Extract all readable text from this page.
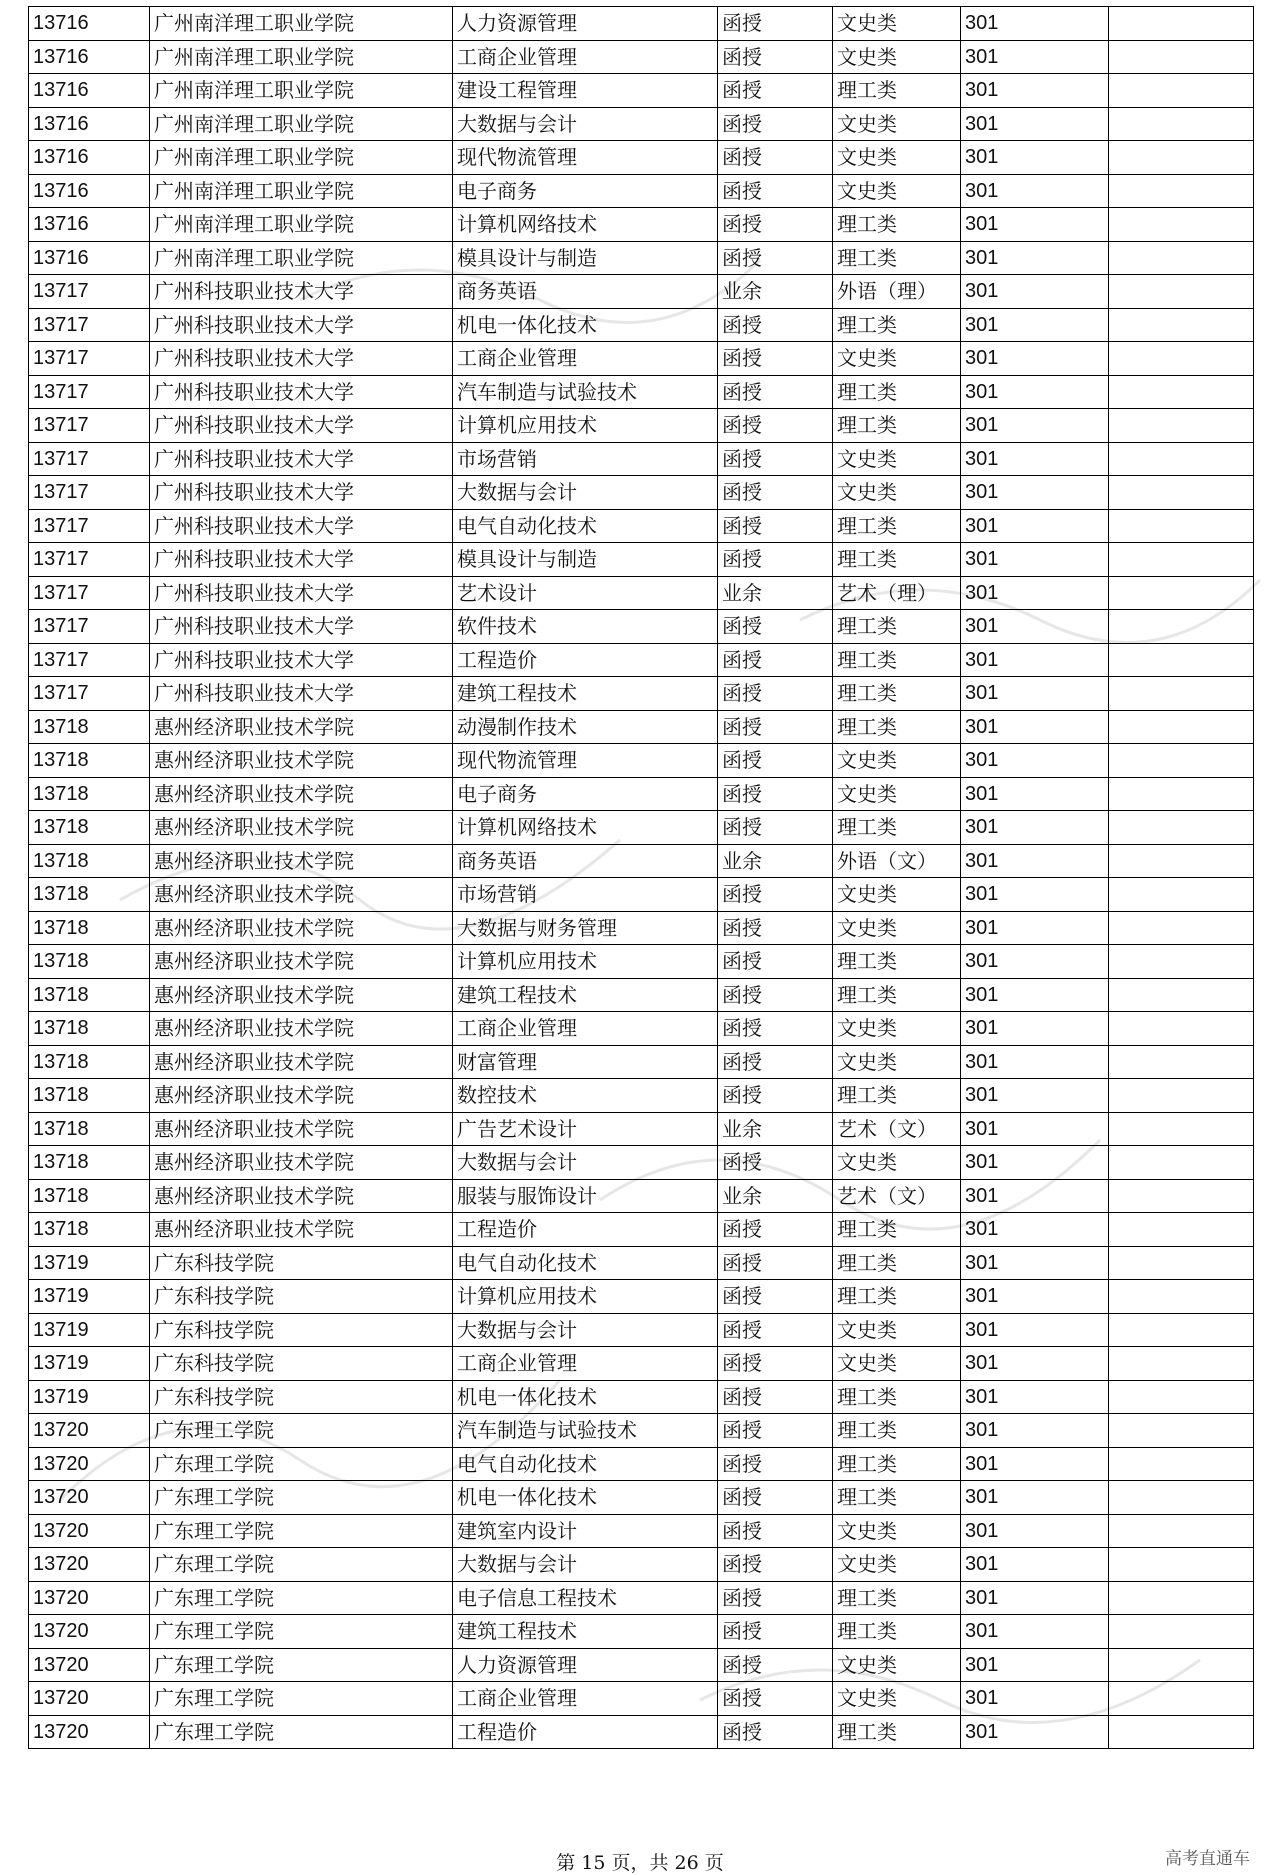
13716	广州南洋理工职业学院	人力资源管理	函授	文史类	301	
13716	广州南洋理工职业学院	工商企业管理	函授	文史类	301	
13716	广州南洋理工职业学院	建设工程管理	函授	理工类	301	
13716	广州南洋理工职业学院	大数据与会计	函授	文史类	301	
13716	广州南洋理工职业学院	现代物流管理	函授	文史类	301	
13716	广州南洋理工职业学院	电子商务	函授	文史类	301	
13716	广州南洋理工职业学院	计算机网络技术	函授	理工类	301	
13716	广州南洋理工职业学院	模具设计与制造	函授	理工类	301	
13717	广州科技职业技术大学	商务英语	业余	外语（理）	301	
13717	广州科技职业技术大学	机电一体化技术	函授	理工类	301	
13717	广州科技职业技术大学	工商企业管理	函授	文史类	301	
13717	广州科技职业技术大学	汽车制造与试验技术	函授	理工类	301	
13717	广州科技职业技术大学	计算机应用技术	函授	理工类	301	
13717	广州科技职业技术大学	市场营销	函授	文史类	301	
13717	广州科技职业技术大学	大数据与会计	函授	文史类	301	
13717	广州科技职业技术大学	电气自动化技术	函授	理工类	301	
13717	广州科技职业技术大学	模具设计与制造	函授	理工类	301	
13717	广州科技职业技术大学	艺术设计	业余	艺术（理）	301	
13717	广州科技职业技术大学	软件技术	函授	理工类	301	
13717	广州科技职业技术大学	工程造价	函授	理工类	301	
13717	广州科技职业技术大学	建筑工程技术	函授	理工类	301	
13718	惠州经济职业技术学院	动漫制作技术	函授	理工类	301	
13718	惠州经济职业技术学院	现代物流管理	函授	文史类	301	
13718	惠州经济职业技术学院	电子商务	函授	文史类	301	
13718	惠州经济职业技术学院	计算机网络技术	函授	理工类	301	
13718	惠州经济职业技术学院	商务英语	业余	外语（文）	301	
13718	惠州经济职业技术学院	市场营销	函授	文史类	301	
13718	惠州经济职业技术学院	大数据与财务管理	函授	文史类	301	
13718	惠州经济职业技术学院	计算机应用技术	函授	理工类	301	
13718	惠州经济职业技术学院	建筑工程技术	函授	理工类	301	
13718	惠州经济职业技术学院	工商企业管理	函授	文史类	301	
13718	惠州经济职业技术学院	财富管理	函授	文史类	301	
13718	惠州经济职业技术学院	数控技术	函授	理工类	301	
13718	惠州经济职业技术学院	广告艺术设计	业余	艺术（文）	301	
13718	惠州经济职业技术学院	大数据与会计	函授	文史类	301	
13718	惠州经济职业技术学院	服装与服饰设计	业余	艺术（文）	301	
13718	惠州经济职业技术学院	工程造价	函授	理工类	301	
13719	广东科技学院	电气自动化技术	函授	理工类	301	
13719	广东科技学院	计算机应用技术	函授	理工类	301	
13719	广东科技学院	大数据与会计	函授	文史类	301	
13719	广东科技学院	工商企业管理	函授	文史类	301	
13719	广东科技学院	机电一体化技术	函授	理工类	301	
13720	广东理工学院	汽车制造与试验技术	函授	理工类	301	
13720	广东理工学院	电气自动化技术	函授	理工类	301	
13720	广东理工学院	机电一体化技术	函授	理工类	301	
13720	广东理工学院	建筑室内设计	函授	文史类	301	
13720	广东理工学院	大数据与会计	函授	文史类	301	
13720	广东理工学院	电子信息工程技术	函授	理工类	301	
13720	广东理工学院	建筑工程技术	函授	理工类	301	
13720	广东理工学院	人力资源管理	函授	文史类	301	
13720	广东理工学院	工商企业管理	函授	文史类	301	
13720	广东理工学院	工程造价	函授	理工类	301	
第 15 页，共 26 页	高考直通车
